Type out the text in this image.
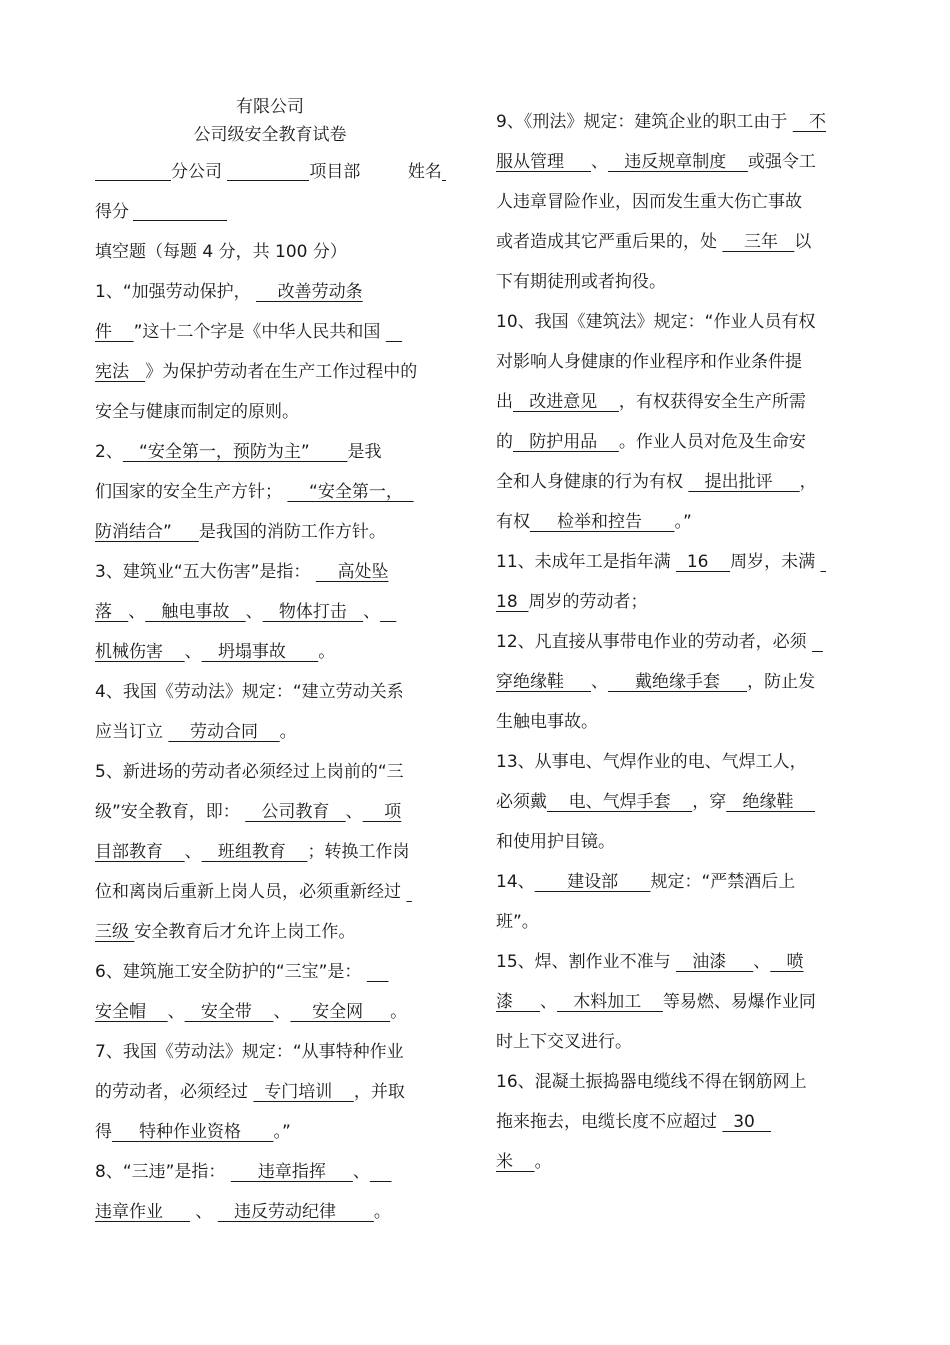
有限公司
公司级安全教育试卷
分公司	项目部	姓名
得分
填空题（每题 4 分，共 100 分）
1、“加强劳动保护，     改善劳动条
件    ”这十二个字是《中华人民共和国
宪法   》为保护劳动者在生产工作过程中的
安全与健康而制定的原则。
2、   “安全第一，预防为主”       是我
们国家的安全生产方针；     “安全第一，
防消结合”     是我国的消防工作方针。
3、建筑业“五大伤害”是指：     高处坠
落   、   触电事故   、   物体打击   、
机械伤害    、   坍塌事故      。
4、我国《劳动法》规定：“建立劳动关系
应当订立     劳动合同    。
5、新进场的劳动者必须经过上岗前的“三
级”安全教育，即：    公司教育   、    项
目部教育    、   班组教育    ；转换工作岗
位和离岗后重新上岗人员，必须重新经过
三级 安全教育后才允许上岗工作。
6、建筑施工安全防护的“三宝”是：
安全帽    、   安全带    、    安全网     。
7、我国《劳动法》规定：“从事特种作业
的劳动者，必须经过   专门培训    ，并取
得     特种作业资格      。”
8、“三违”是指：      违章指挥     、
违章作业      、    违反劳动纪律       。
9、《刑法》规定：建筑企业的职工由于    不
服从管理     、   违反规章制度    或强令工
人违章冒险作业，因而发生重大伤亡事故
或者造成其它严重后果的，处     三年   以
下有期徒刑或者拘役。
10、我国《建筑法》规定：“作业人员有权
对影响人身健康的作业程序和作业条件提
出   改进意见    ，有权获得安全生产所需
的   防护用品    。作业人员对危及生命安
全和人身健康的行为有权    提出批评     ，
有权     检举和控告      。”
11、未成年工是指年满   16    周岁，未满
18  周岁的劳动者；
12、凡直接从事带电作业的劳动者，必须
穿绝缘鞋     、     戴绝缘手套     ，防止发
生触电事故。
13、从事电、气焊作业的电、气焊工人，
必须戴    电、气焊手套    ，穿   绝缘鞋
和使用护目镜。
14、      建设部      规定：“严禁酒后上
班”。
15、焊、割作业不准与    油漆     、   喷
漆     、   木料加工    等易燃、易爆作业同
时上下交叉进行。
16、混凝土振捣器电缆线不得在钢筋网上
拖来拖去，电缆长度不应超过   30
米    。
